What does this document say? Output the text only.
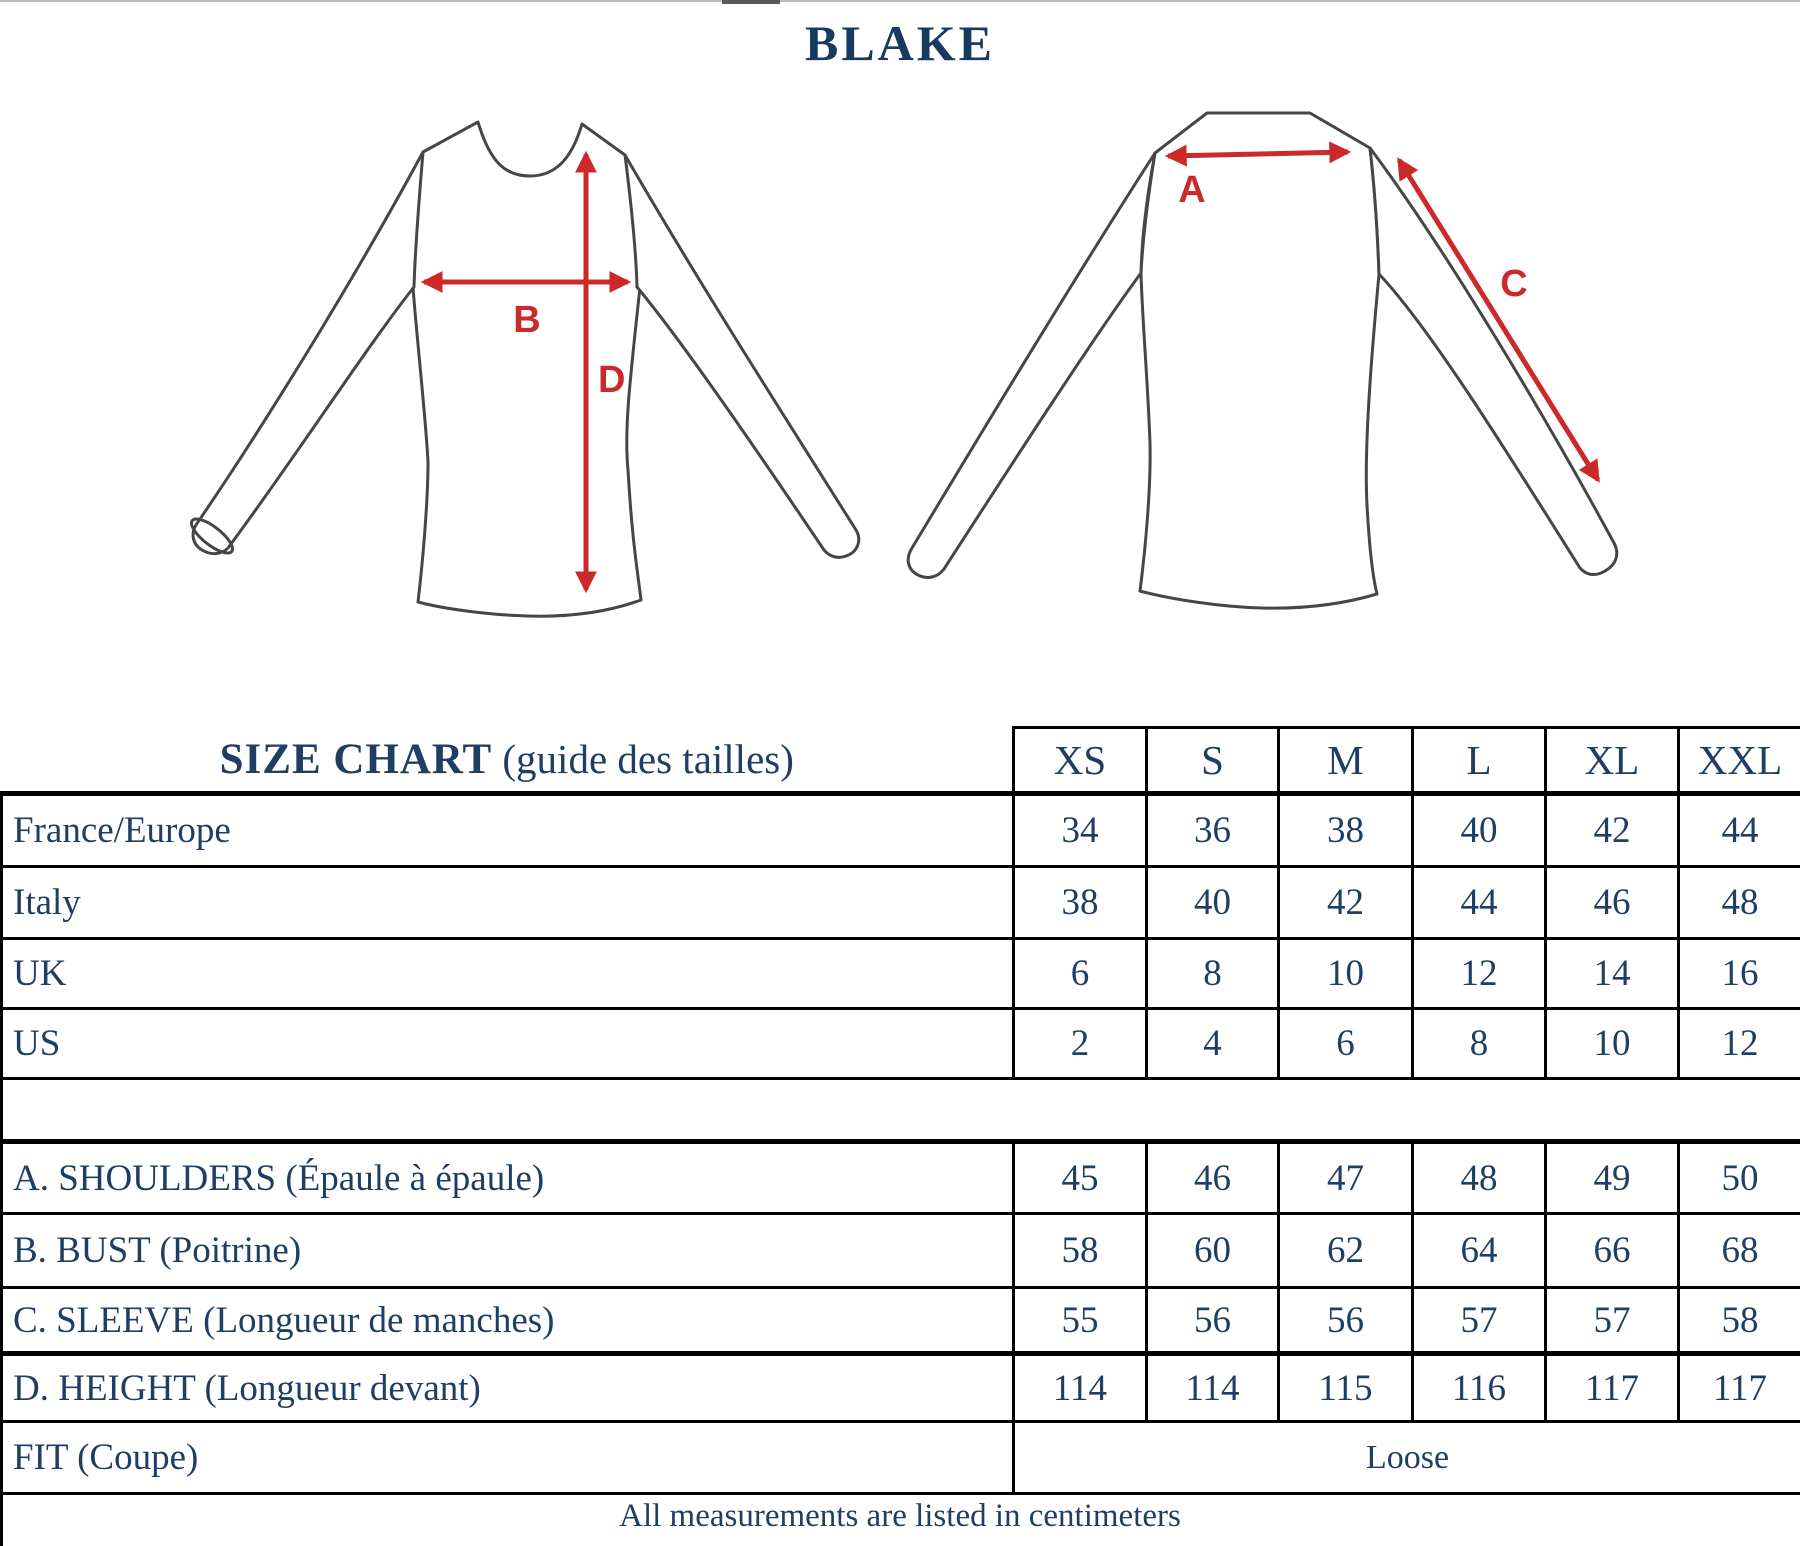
BLAKE
B
D
A
C
SIZE CHART (guide des tailles)	XS	S	M	L	XL	XXL
France/Europe	34	36	38	40	42	44
Italy	38	40	42	44	46	48
UK	6	8	10	12	14	16
US	2	4	6	8	10	12

A. SHOULDERS (Épaule à épaule)	45	46	47	48	49	50
B. BUST (Poitrine)	58	60	62	64	66	68
C. SLEEVE (Longueur de manches)	55	56	56	57	57	58
D. HEIGHT (Longueur devant)	114	114	115	116	117	117
FIT (Coupe)	Loose					
All measurements are listed in centimeters
